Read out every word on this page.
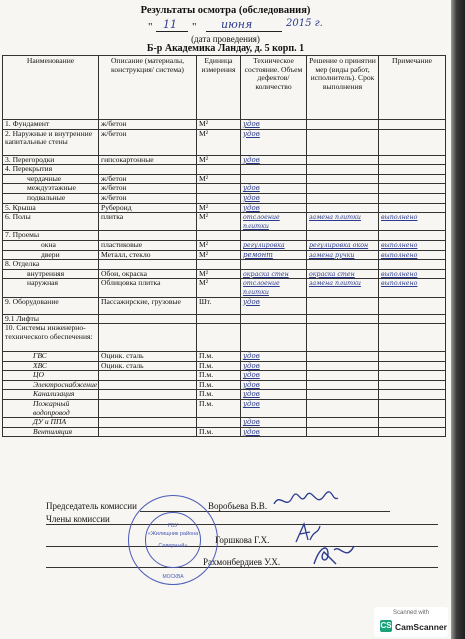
Результаты осмотра (обследования)
" 11 " июня	2015 г.
(дата проведения)
Б-р Академика Ландау, д. 5 корп. 1
Наименование	Описание (материалы, конструкция/ система)	Единица измерения	Техническое состояние. Объем дефектов/ количество	Решение о принятии мер (виды работ, исполнитель). Срок выполнения	Примечание
1. Фундамент	ж/бетон	М²	удов		
2. Наружные и внутренние капитальные стены	ж/бетон	М²	удов		
3. Перегородки	гипсокартонные	М²	удов		
4. Перекрытия					
чердачные	ж/бетон	М²			
междуэтажные	ж/бетон		удов		
подвальные	ж/бетон		удов		
5. Крыша	Рубероид	М²	удов		
6. Полы	плитка	М²	отслоение плитки	замена плитки	выполнено
7. Проемы					
окна	пластиковые	М²	регулировка	регулировка окон	выполнено
двери	Металл, стекло	М²	ремонт	замена ручки	выполнено
8. Отделка					
внутренняя	Обои, окраска	М²	окраска стен	окраска стен	выполнено
наружная	Облицовка плитка	М²	отслоение плитки	замена плитки	выполнено
9. Оборудование	Пассажирские, грузовые	Шт.	удов		
9.1 Лифты					
10. Системы инженерно-технического обеспечения:					
ГВС	Оцинк. сталь	П.м.	удов		
ХВС	Оцинк. сталь	П.м.	удов		
ЦО		П.м.	удов		
Электроснабжение		П.м.	удов		
Канализация		П.м.	удов		
Пожарный водопровод		П.м.	удов		
ДУ и ППА			удов		
Вентиляция		П.м.	удов		
Председатель комиссии	Воробьева В.В.
Члены комиссии
Горшкова Г.Х.
Рахмонбердиев У.Х.
ГБУ
«Жилищник района
Северный»
МОСКВА
Scanned with
CS CamScanner
